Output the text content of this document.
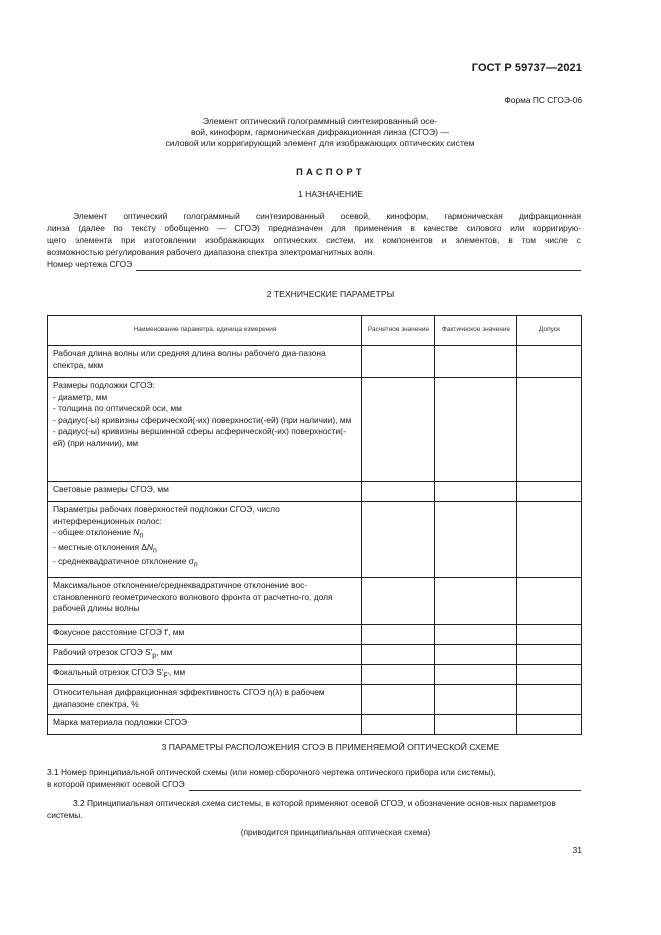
ГОСТ Р 59737—2021
Форма ПС СГОЭ-06
Элемент оптический голограммный синтезированный осе-
вой, киноформ, гармоническая дифракционная линза (СГОЭ) —
силовой или корригирующий элемент для изображающих оптических систем
ПАСПОРТ
1 НАЗНАЧЕНИЕ
Элемент оптический голограммный синтезированный осевой, киноформ, гармоническая дифракционная
линза (далее по тексту обобщенно — СГОЭ) предназначен для применения в качестве силового или корригирую-
щего элемента при изготовлении изображающих оптических систем, их компонентов и элементов, в том числе с
возможностью регулирования рабочего диапазона спектра электромагнитных волн.
Номер чертежа СГОЭ
2 ТЕХНИЧЕСКИЕ ПАРАМЕТРЫ
Наименование параметра, единица измерения	Расчетное значение	Фактическое значение	Допуск
Рабочая длина волны или средняя длина волны рабочего диа-пазона спектра, мкм			

Размеры подложки СГОЭ:
- диаметр, мм
- толщина по оптической оси, мм
- радиус(-ы) кривизны сферической(-их) поверхности(-ей) (при наличии), мм
- радиус(-ы) кривизны вершинной сферы асферической(-их) поверхности(-ей) (при наличии), мм			

Световые размеры СГОЭ, мм			

Параметры рабочих поверхностей подложки СГОЭ, число интерференционных полос:
- общее отклонение $N_п$
- местные отклонения $\Delta N_п$
- среднеквадратичное отклонение $\sigma_п$

Максимальное отклонение/среднеквадратичное отклонение вос-становленного геометрического волнового фронта от расчетно-го, доля рабочей длины волны			
Фокусное расстояние СГОЭ f′, мм			
Рабочий отрезок СГОЭ $S'_р$, мм			
Фокальный отрезок СГОЭ $S'_{F'}$, мм			
Относительная дифракционная эффективность СГОЭ η(λ) в рабочем диапазоне спектра, %			
Марка материала подложки СГОЭ			
3 ПАРАМЕТРЫ РАСПОЛОЖЕНИЯ СГОЭ В ПРИМЕНЯЕМОЙ ОПТИЧЕСКОЙ СХЕМЕ
3.1 Номер принципиальной оптической схемы (или номер сборочного чертежа оптического прибора или системы),
в которой применяют осевой СГОЭ
3.2 Принципиальная оптическая схема системы, в которой применяют осевой СГОЭ, и обозначение основ-ных параметров системы.
(приводится принципиальная оптическая схема)
31
